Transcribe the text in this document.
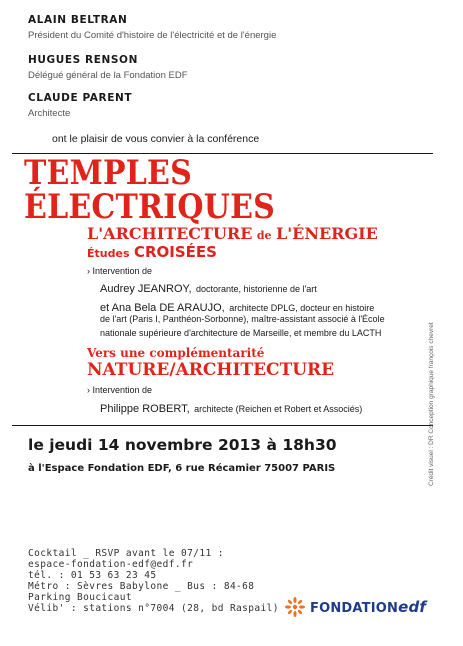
ALAIN BELTRAN
Président du Comité d'histoire de l'électricité et de l'énergie
HUGUES RENSON
Délégué général de la Fondation EDF
CLAUDE PARENT
Architecte
ont le plaisir de vous convier à la conférence
TEMPLES
ÉLECTRIQUES
L'ARCHITECTURE de L'ÉNERGIE
Études CROISÉES
› Intervention de
Audrey JEANROY, doctorante, historienne de l'art
et Ana Bela DE ARAUJO, architecte DPLG, docteur en histoire
de l'art (Paris I, Panthéon-Sorbonne), maître-assistant associé à l'École
nationale supérieure d'architecture de Marseille, et membre du LACTH
Vers une complémentarité
NATURE/ARCHITECTURE
› Intervention de
Philippe ROBERT, architecte (Reichen et Robert et Associés)
le jeudi 14 novembre 2013 à 18h30
à l'Espace Fondation EDF, 6 rue Récamier 75007 PARIS
Cocktail _ RSVP avant le 07/11 :
espace-fondation-edf@edf.fr
tél. : 01 53 63 23 45
Métro : Sèvres Babylone _ Bus : 84-68
Parking Boucicaut
Vélib' : stations n°7004 (28, bd Raspail)
Crédit visuel : DR Conception graphique françois chevret
FONDATIONedf
